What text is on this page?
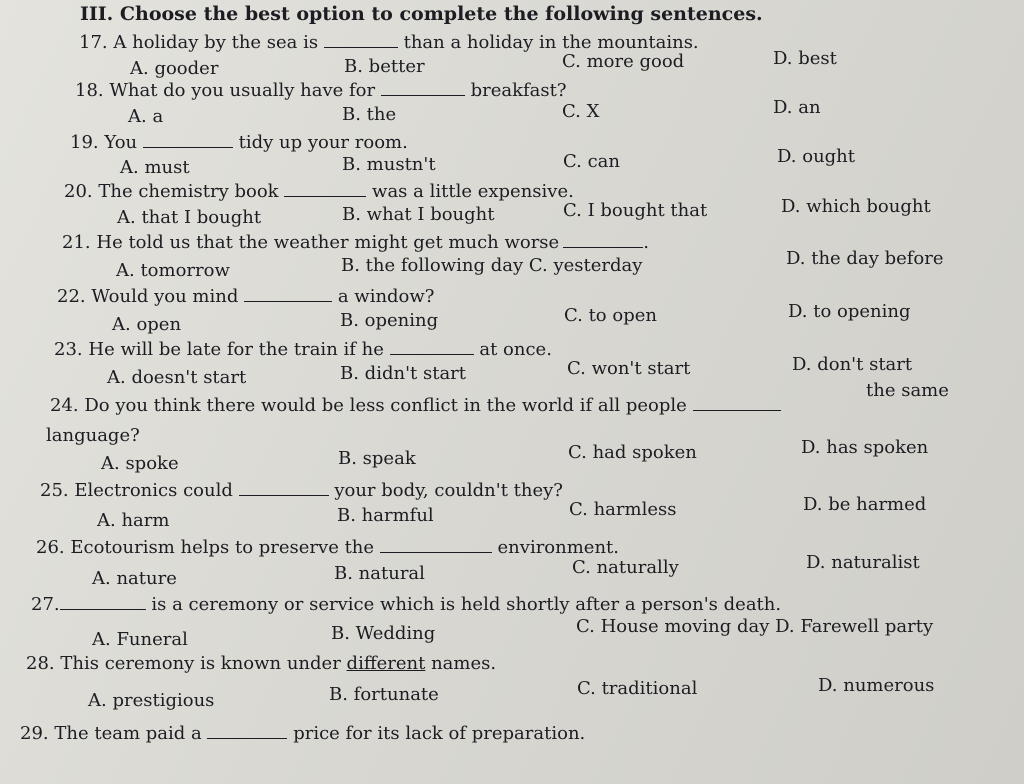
III. Choose the best option to complete the following sentences.
17. A holiday by the sea is	than a holiday in the mountains.
A. gooder	B. better	C. more good	D. best
18. What do you usually have for	breakfast?
A. a	B. the	C. X	D. an
19. You	tidy up your room.
A. must	B. mustn't	C. can	D. ought
20. The chemistry book	was a little expensive.
A. that I bought	B. what I bought	C. I bought that	D. which bought
21. He told us that the weather might get much worse	.
A. tomorrow	B. the following day C. yesterday	D. the day before
22. Would you mind	a window?
A. open	B. opening	C. to open	D. to opening
23. He will be late for the train if he	at once.
A. doesn't start	B. didn't start	C. won't start	D. don't start
24. Do you think there would be less conflict in the world if all people
the same
language?
A. spoke	B. speak	C. had spoken	D. has spoken
25. Electronics could	your body, couldn't they?
A. harm	B. harmful	C. harmless	D. be harmed
26. Ecotourism helps to preserve the	environment.
A. nature	B. natural	C. naturally	D. naturalist
27.	is a ceremony or service which is held shortly after a person's death.
A. Funeral	B. Wedding	C. House moving day D. Farewell party
28. This ceremony is known under different names.
A. prestigious	B. fortunate	C. traditional	D. numerous
29. The team paid a	price for its lack of preparation.
